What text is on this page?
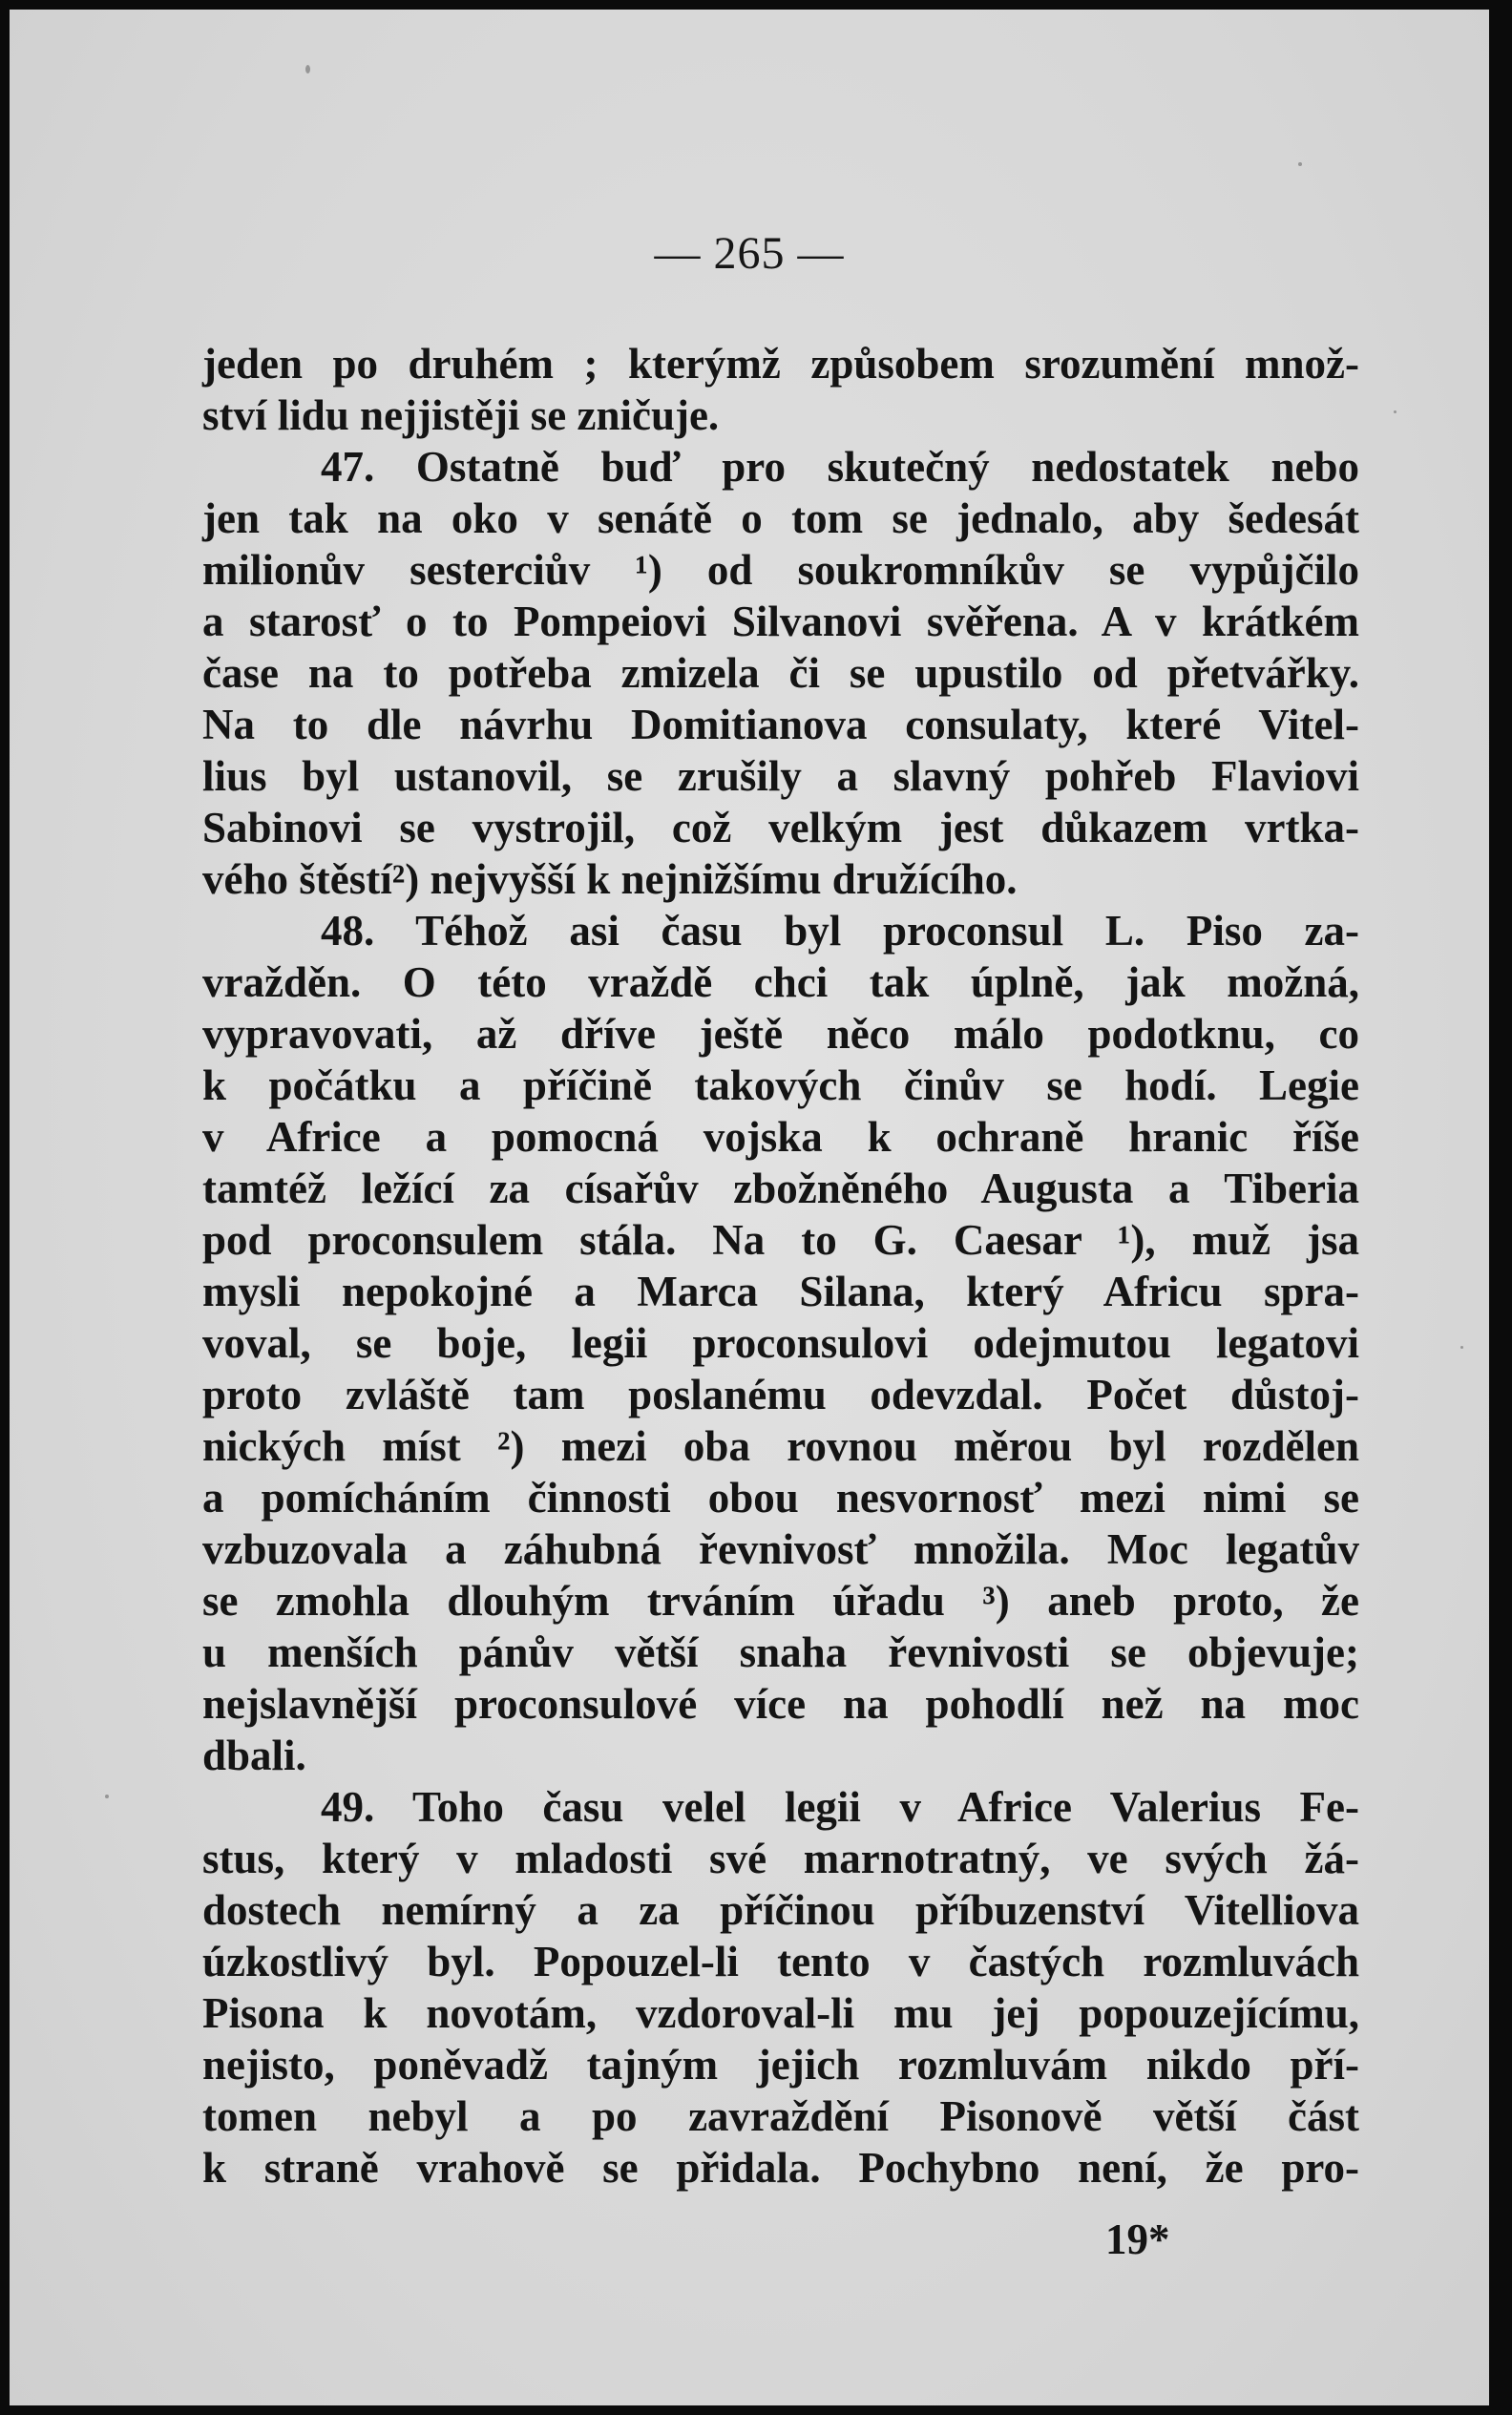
— 265 —
jeden po druhém ; kterýmž způsobem srozumění množ-
ství lidu nejjistěji se zničuje.
47. Ostatně buď pro skutečný nedostatek nebo
jen tak na oko v senátě o tom se jednalo, aby šedesát
milionův sestercіův ¹) od soukromníkův se vypůjčilo
a starosť o to Pompeiovi Silvanovi svěřena. A v krátkém
čase na to potřeba zmizela či se upustilo od přetvářky.
Na to dle návrhu Domitianova consulaty, které Vitel-
lius byl ustanovil, se zrušily a slavný pohřeb Flaviovi
Sabinovi se vystrojil, což velkým jest důkazem vrtka-
vého štěstí²) nejvyšší k nejnižšímu družícího.
48. Téhož asi času byl proconsul L. Piso za-
vražděn. O této vraždě chci tak úplně, jak možná,
vypravovati, až dříve ještě něco málo podotknu, co
k počátku a příčině takových činův se hodí. Legie
v Africe a pomocná vojska k ochraně hranic říše
tamtéž ležící za císařův zbožněného Augusta a Tiberia
pod proconsulem stála. Na to G. Caesar ¹), muž jsa
mysli nepokojné a Marca Silana, který Africu spra-
voval, se boje, legii proconsulovi odejmutou legatovi
proto zvláště tam poslanému odevzdal. Počet důstoj-
nických míst ²) mezi oba rovnou měrou byl rozdělen
a pomícháním činnosti obou nesvornosť mezi nimi se
vzbuzovala a záhubná řevnivosť množila. Moc legatův
se zmohla dlouhým trváním úřadu ³) aneb proto, že
u menších pánův větší snaha řevnivosti se objevuje;
nejslavnější proconsulové více na pohodlí než na moc
dbali.
49. Toho času velel legii v Africe Valerius Fe-
stus, který v mladosti své marnotratný, ve svých žá-
dostech nemírný a za příčinou příbuzenství Vitelliova
úzkostlivý byl. Popouzel-li tento v častých rozmluvách
Pisona k novotám, vzdoroval-li mu jej popouzejícímu,
nejisto, poněvadž tajným jejich rozmluvám nikdo pří-
tomen nebyl a po zavraždění Pisonově větší část
k straně vrahově se přidala. Pochybno není, že pro-
19*
